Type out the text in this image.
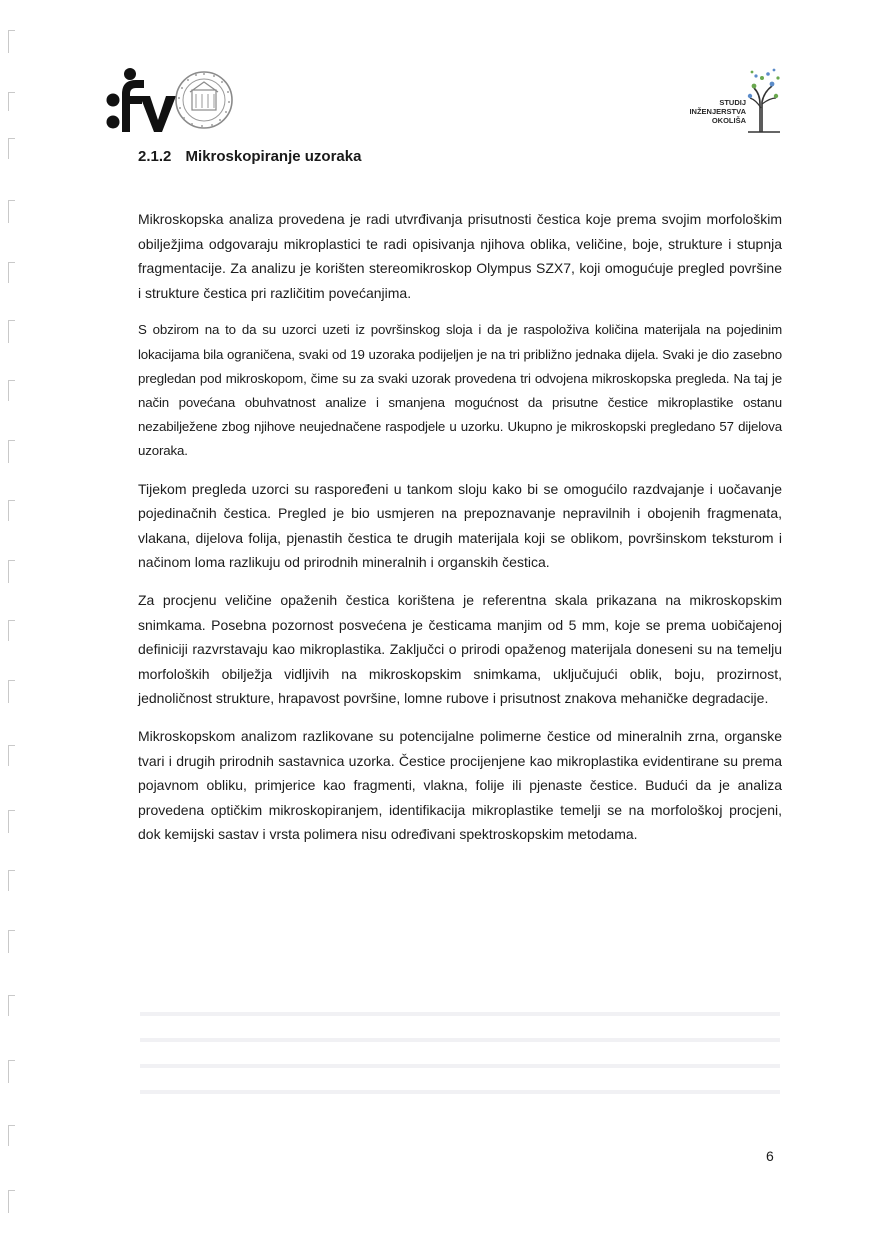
STUDIJ
INŽENJERSTVA
OKOLIŠA
2.1.2 Mikroskopiranje uzoraka

Mikroskopska analiza provedena je radi utvrđivanja prisutnosti čestica koje prema svojim morfološkim obilježjima odgovaraju mikroplastici te radi opisivanja njihova oblika, veličine, boje, strukture i stupnja fragmentacije. Za analizu je korišten stereomikroskop Olympus SZX7, koji omogućuje pregled površine i strukture čestica pri različitim povećanjima.

S obzirom na to da su uzorci uzeti iz površinskog sloja i da je raspoloživa količina materijala na pojedinim lokacijama bila ograničena, svaki od 19 uzoraka podijeljen je na tri približno jednaka dijela. Svaki je dio zasebno pregledan pod mikroskopom, čime su za svaki uzorak provedena tri odvojena mikroskopska pregleda. Na taj je način povećana obuhvatnost analize i smanjena mogućnost da prisutne čestice mikroplastike ostanu nezabilježene zbog njihove neujednačene raspodjele u uzorku. Ukupno je mikroskopski pregledano 57 dijelova uzoraka.

Tijekom pregleda uzorci su raspoređeni u tankom sloju kako bi se omogućilo razdvajanje i uočavanje pojedinačnih čestica. Pregled je bio usmjeren na prepoznavanje nepravilnih i obojenih fragmenata, vlakana, dijelova folija, pjenastih čestica te drugih materijala koji se oblikom, površinskom teksturom i načinom loma razlikuju od prirodnih mineralnih i organskih čestica.

Za procjenu veličine opaženih čestica korištena je referentna skala prikazana na mikroskopskim snimkama. Posebna pozornost posvećena je česticama manjim od 5 mm, koje se prema uobičajenoj definiciji razvrstavaju kao mikroplastika. Zaključci o prirodi opaženog materijala doneseni su na temelju morfoloških obilježja vidljivih na mikroskopskim snimkama, uključujući oblik, boju, prozirnost, jednoličnost strukture, hrapavost površine, lomne rubove i prisutnost znakova mehaničke degradacije.

Mikroskopskom analizom razlikovane su potencijalne polimerne čestice od mineralnih zrna, organske tvari i drugih prirodnih sastavnica uzorka. Čestice procijenjene kao mikroplastika evidentirane su prema pojavnom obliku, primjerice kao fragmenti, vlakna, folije ili pjenaste čestice. Budući da je analiza provedena optičkim mikroskopiranjem, identifikacija mikroplastike temelji se na morfološkoj procjeni, dok kemijski sastav i vrsta polimera nisu određivani spektroskopskim metodama.

6
